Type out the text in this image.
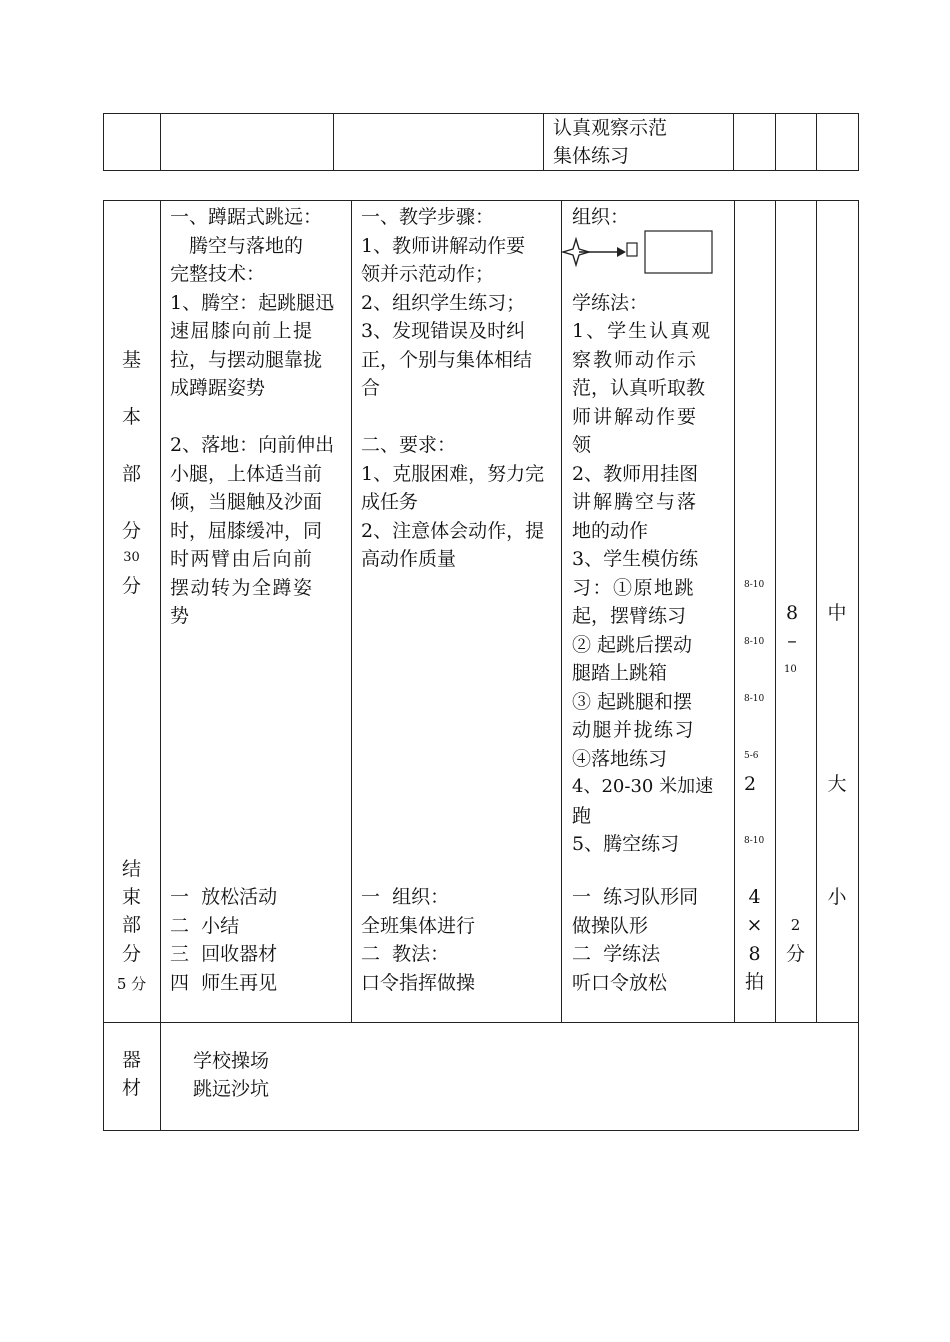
认真观察示范
集体练习
基
本
部
分
30
分
一、蹲踞式跳远：
　腾空与落地的
完整技术：
1、腾空：起跳腿迅
速屈膝向前上提
拉，与摆动腿靠拢
成蹲踞姿势
2、落地：向前伸出
小腿，上体适当前
倾，当腿触及沙面
时，屈膝缓冲，同
时两臂由后向前
摆动转为全蹲姿
势
一、教学步骤：
1、教师讲解动作要
领并示范动作；
2、组织学生练习；
3、发现错误及时纠
正，个别与集体相结
合
二、要求：
1、克服困难，努力完
成任务
2、注意体会动作，提
高动作质量
组织：
学练法：
1、学生认真观
察教师动作示
范，认真听取教
师讲解动作要
领
2、教师用挂图
讲解腾空与落
地的动作
3、学生模仿练
习：①原地跳
起，摆臂练习
② 起跳后摆动
腿踏上跳箱
③ 起跳腿和摆
动腿并拢练习
④落地练习
4、20-30 米加速
跑
5、腾空练习
8-10
8-10
8-10
5-6
2
8-10
8
–
10
中
大
结
束
部
分
5 分
一  放松活动
二  小结
三  回收器材
四  师生再见
一  组织：
全班集体进行
二  教法：
口令指挥做操
一  练习队形同
做操队形
二  学练法
听口令放松
4
×
8
拍
2
分
小
器
材
学校操场
跳远沙坑
